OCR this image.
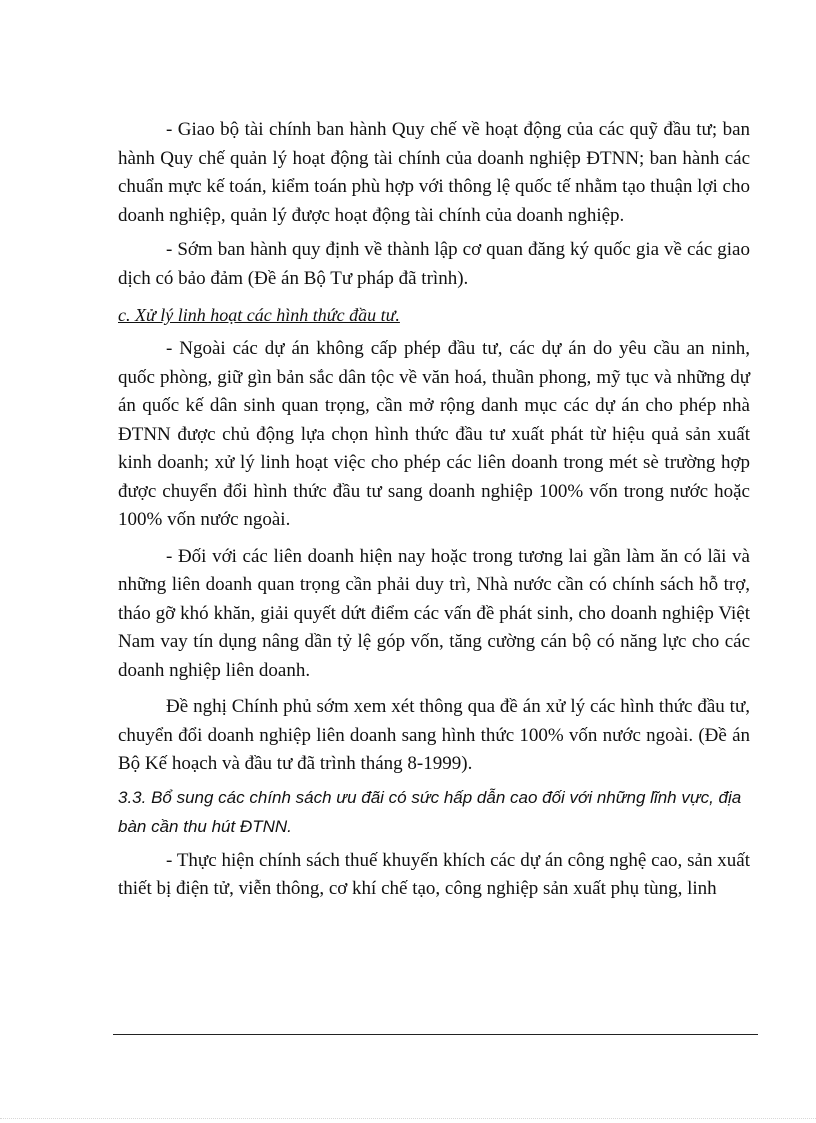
- Giao bộ tài chính ban hành Quy chế về hoạt động của các quỹ đầu tư; ban hành Quy chế quản lý hoạt động tài chính của doanh nghiệp ĐTNN; ban hành các chuẩn mực kế toán, kiểm toán phù hợp với thông lệ quốc tế nhằm tạo thuận lợi cho doanh nghiệp, quản lý được hoạt động tài chính của doanh nghiệp.

- Sớm ban hành quy định về thành lập cơ quan đăng ký quốc gia về các giao dịch có bảo đảm (Đề án Bộ Tư pháp đã trình).

c. Xử lý linh hoạt các hình thức đầu tư.

- Ngoài các dự án không cấp phép đầu tư, các dự án do yêu cầu an ninh, quốc phòng, giữ gìn bản sắc dân tộc về văn hoá, thuần phong, mỹ tục và những dự án quốc kế dân sinh quan trọng, cần mở rộng danh mục các dự án cho phép nhà ĐTNN được chủ động lựa chọn hình thức đầu tư xuất phát từ hiệu quả sản xuất kinh doanh; xử lý linh hoạt việc cho phép các liên doanh trong mét sè trường hợp được chuyển đổi hình thức đầu tư sang doanh nghiệp 100% vốn trong nước hoặc 100% vốn nước ngoài.

- Đối với các liên doanh hiện nay hoặc trong tương lai gần làm ăn có lãi và những liên doanh quan trọng cần phải duy trì, Nhà nước cần có chính sách hỗ trợ, tháo gỡ khó khăn, giải quyết dứt điểm các vấn đề phát sinh, cho doanh nghiệp Việt Nam vay tín dụng nâng dần tỷ lệ góp vốn, tăng cường cán bộ có năng lực cho các doanh nghiệp liên doanh.

Đề nghị Chính phủ sớm xem xét thông qua đề án xử lý các hình thức đầu tư, chuyển đổi doanh nghiệp liên doanh sang hình thức 100% vốn nước ngoài. (Đề án Bộ Kế hoạch và đầu tư đã trình tháng 8-1999).

3.3. Bổ sung các chính sách ưu đãi có sức hấp dẫn cao đối với những lĩnh vực, địa bàn cần thu hút ĐTNN.

- Thực hiện chính sách thuế khuyến khích các dự án công nghệ cao, sản xuất thiết bị điện tử, viễn thông, cơ khí chế tạo, công nghiệp sản xuất phụ tùng, linh
